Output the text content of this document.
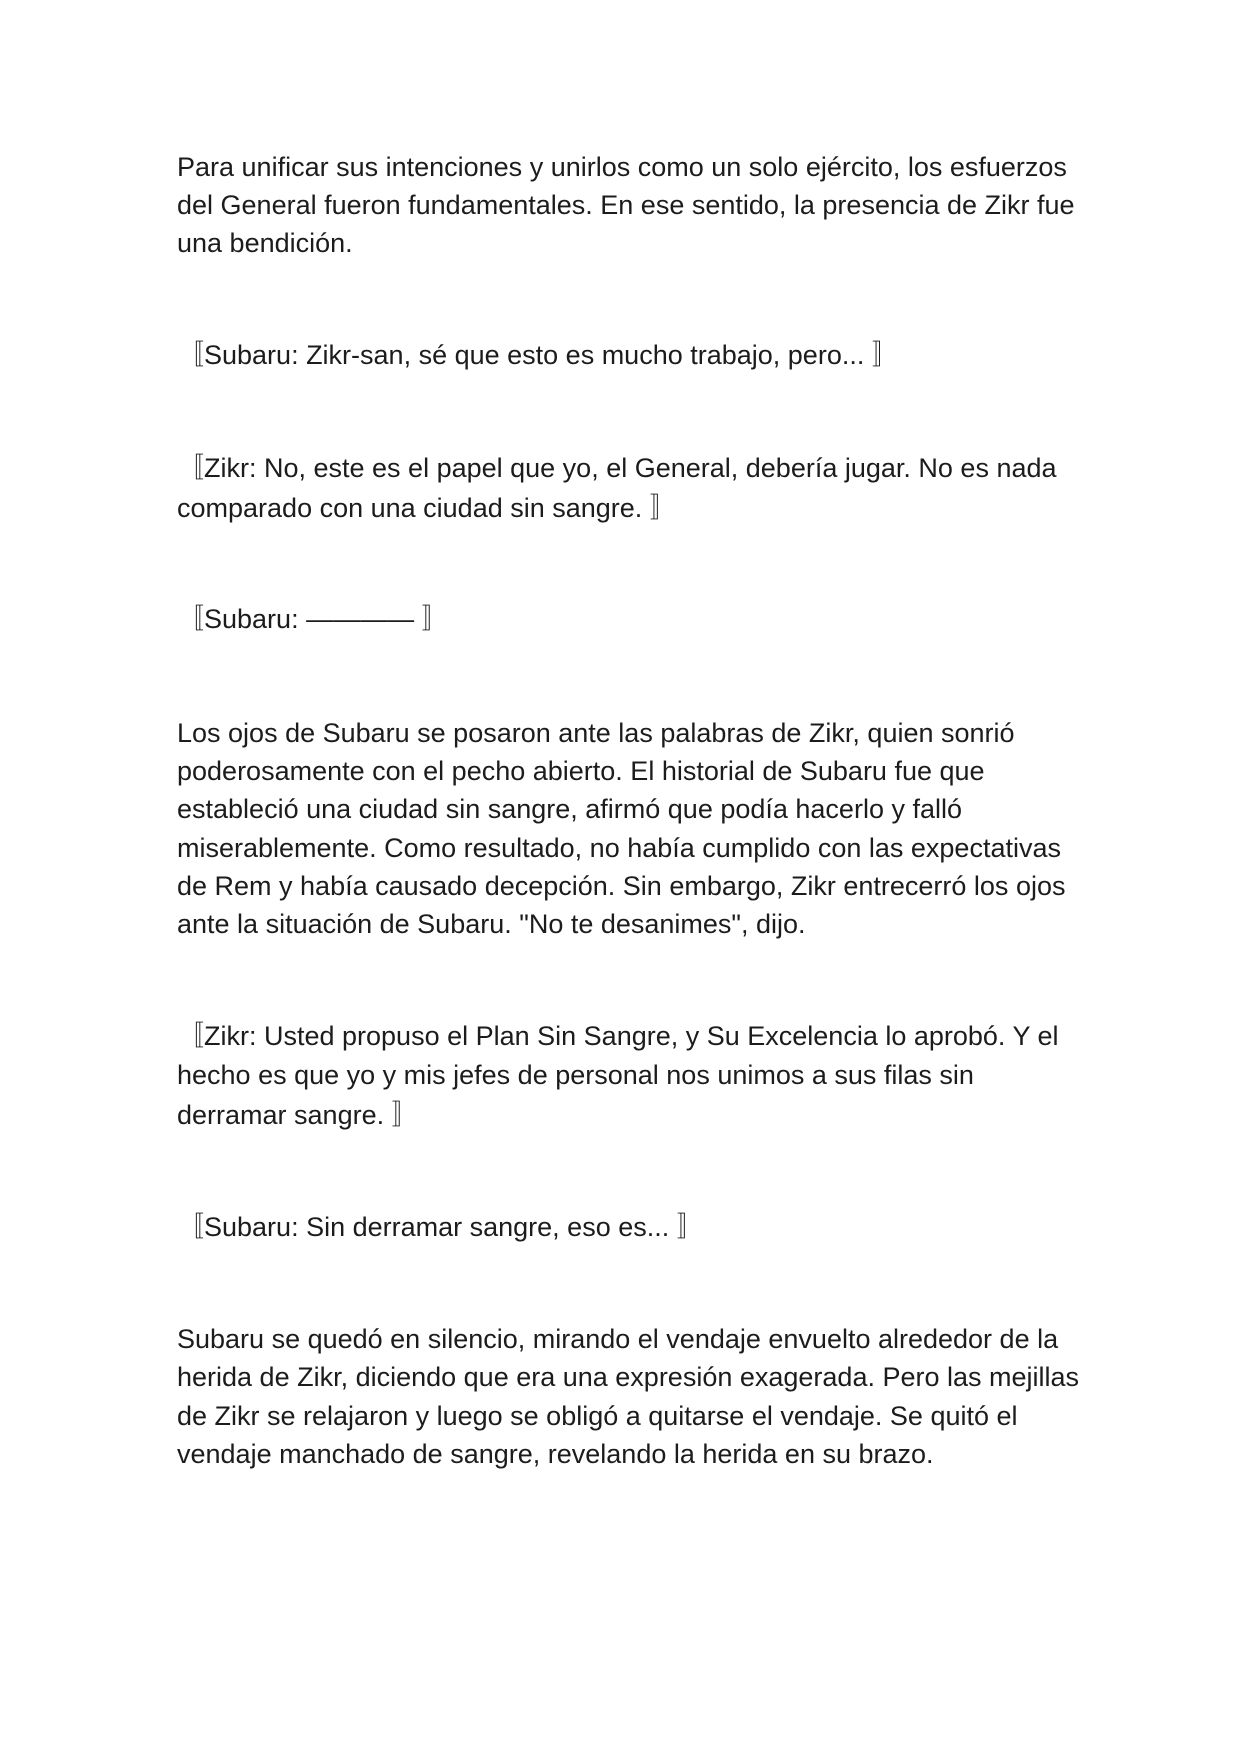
Para unificar sus intenciones y unirlos como un solo ejército, los esfuerzos
del General fueron fundamentales. En ese sentido, la presencia de Zikr fue
una bendición.
〚Subaru: Zikr-san, sé que esto es mucho trabajo, pero... 〛
〚Zikr: No, este es el papel que yo, el General, debería jugar. No es nada
comparado con una ciudad sin sangre. 〛
〚Subaru: ———— 〛
Los ojos de Subaru se posaron ante las palabras de Zikr, quien sonrió
poderosamente con el pecho abierto. El historial de Subaru fue que
estableció una ciudad sin sangre, afirmó que podía hacerlo y falló
miserablemente. Como resultado, no había cumplido con las expectativas
de Rem y había causado decepción. Sin embargo, Zikr entrecerró los ojos
ante la situación de Subaru. "No te desanimes", dijo.
〚Zikr: Usted propuso el Plan Sin Sangre, y Su Excelencia lo aprobó. Y el
hecho es que yo y mis jefes de personal nos unimos a sus filas sin
derramar sangre. 〛
〚Subaru: Sin derramar sangre, eso es... 〛
Subaru se quedó en silencio, mirando el vendaje envuelto alrededor de la
herida de Zikr, diciendo que era una expresión exagerada. Pero las mejillas
de Zikr se relajaron y luego se obligó a quitarse el vendaje. Se quitó el
vendaje manchado de sangre, revelando la herida en su brazo.
